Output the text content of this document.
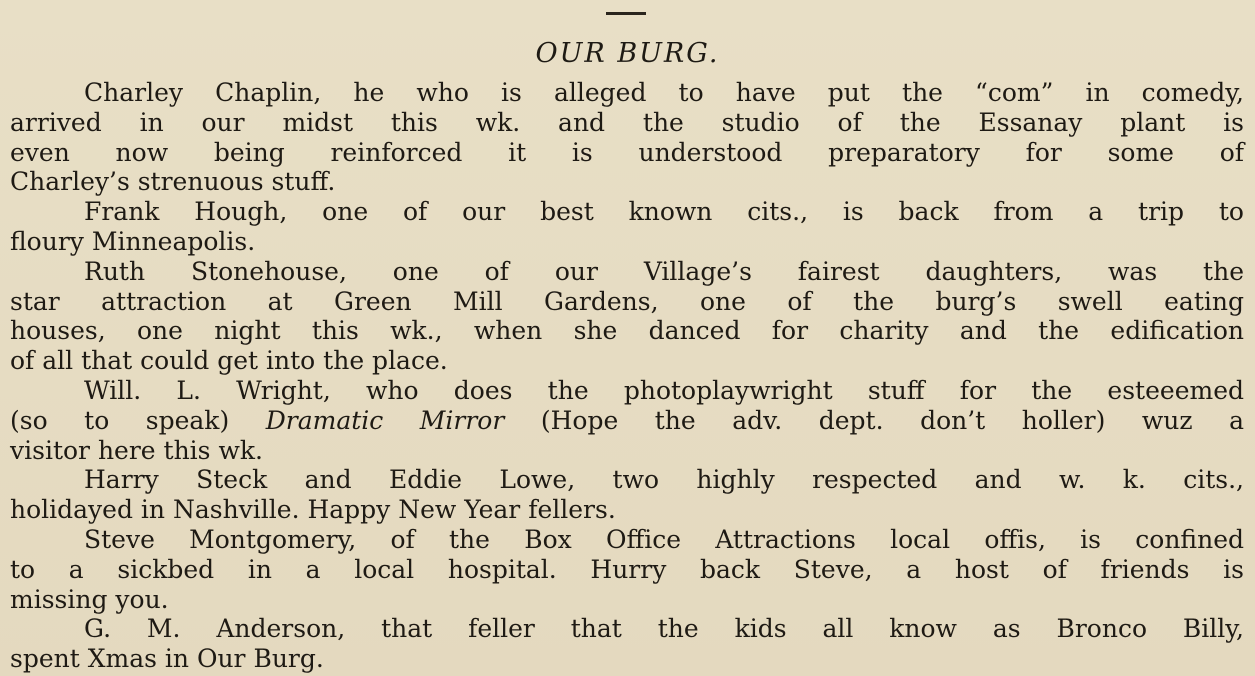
OUR BURG.
Charley Chaplin, he who is alleged to have put the “com” in comedy,
arrived in our midst this wk. and the studio of the Essanay plant is
even now being reinforced it is understood preparatory for some of
Charley’s strenuous stuff.
Frank Hough, one of our best known cits., is back from a trip to
floury Minneapolis.
Ruth Stonehouse, one of our Village’s fairest daughters, was the
star attraction at Green Mill Gardens, one of the burg’s swell eating
houses, one night this wk., when she danced for charity and the edification
of all that could get into the place.
Will. L. Wright, who does the photoplaywright stuff for the esteeemed
(so to speak) Dramatic Mirror (Hope the adv. dept. don’t holler) wuz a
visitor here this wk.
Harry Steck and Eddie Lowe, two highly respected and w. k. cits.,
holidayed in Nashville. Happy New Year fellers.
Steve Montgomery, of the Box Office Attractions local offis, is confined
to a sickbed in a local hospital. Hurry back Steve, a host of friends is
missing you.
G. M. Anderson, that feller that the kids all know as Bronco Billy,
spent Xmas in Our Burg.
